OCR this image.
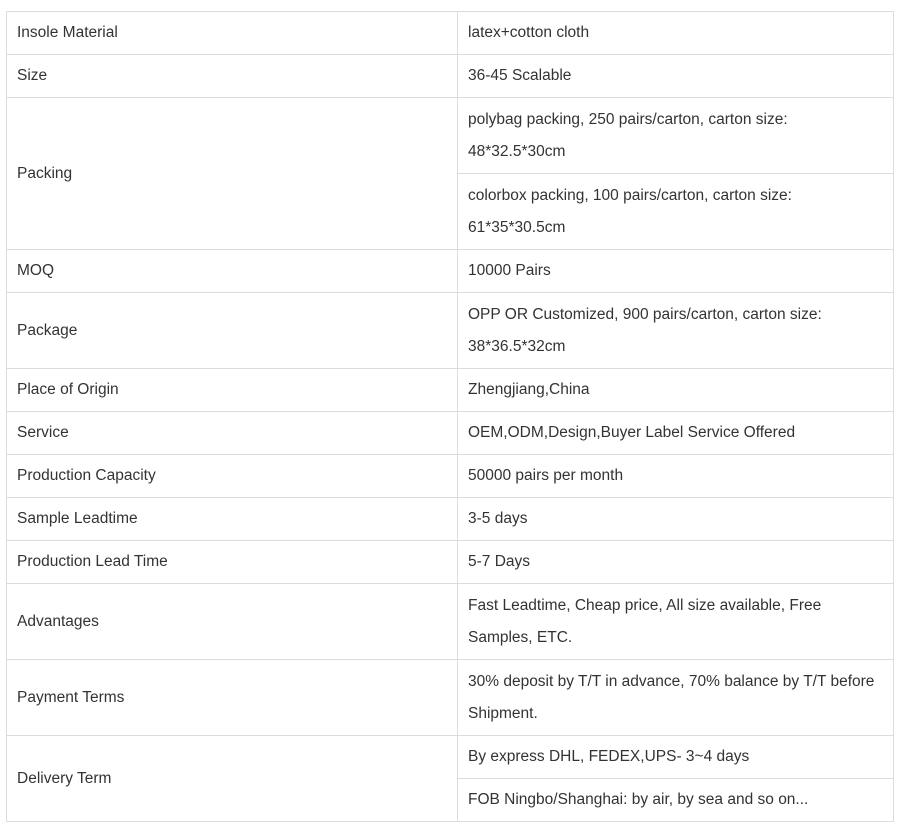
Insole Material	latex+cotton cloth
Size	36-45 Scalable
Packing	polybag packing, 250 pairs/carton, carton size: 48*32.5*30cm
	colorbox packing, 100 pairs/carton, carton size: 61*35*30.5cm
MOQ	10000 Pairs
Package	OPP OR Customized, 900 pairs/carton, carton size: 38*36.5*32cm
Place of Origin	Zhengjiang,China
Service	OEM,ODM,Design,Buyer Label Service Offered
Production Capacity	50000 pairs per month
Sample Leadtime	3-5 days
Production Lead Time	5-7 Days
Advantages	Fast Leadtime, Cheap price, All size available, Free Samples, ETC.
Payment Terms	30% deposit by T/T in advance, 70% balance by T/T before Shipment.
Delivery Term	By express DHL, FEDEX,UPS- 3~4 days
	FOB Ningbo/Shanghai: by air, by sea and so on...
